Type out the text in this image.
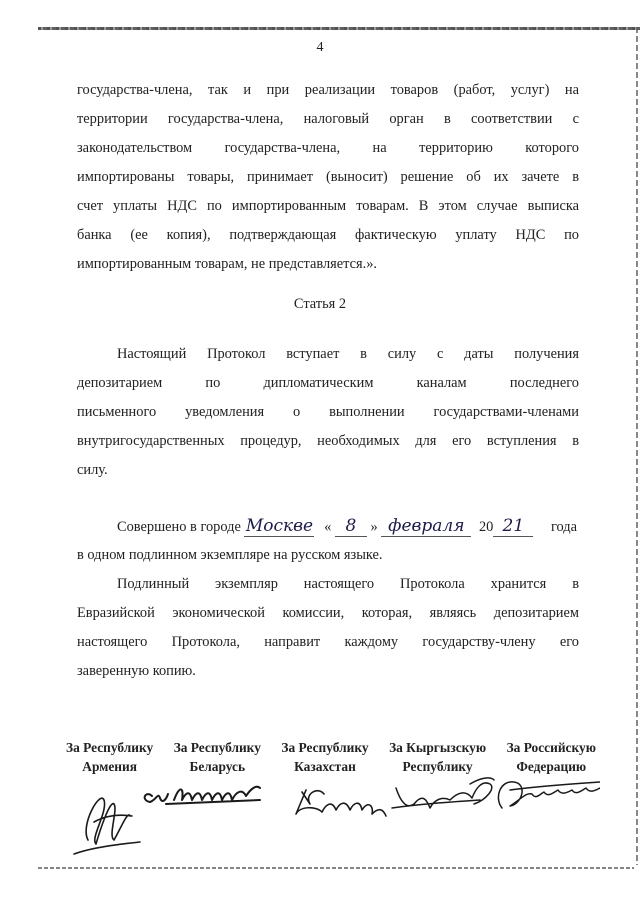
4
государства-члена, так и при реализации товаров (работ, услуг) на
территории государства-члена, налоговый орган в соответствии с
законодательством государства-члена, на территорию которого
импортированы товары, принимает (выносит) решение об их зачете в
счет уплаты НДС по импортированным товарам. В этом случае выписка
банка (ее копия), подтверждающая фактическую уплату НДС по
импортированным товарам, не представляется.».
Статья 2
Настоящий Протокол вступает в силу с даты получения
депозитарием по дипломатическим каналам последнего
письменного уведомления о выполнении государствами-членами
внутригосударственных процедур, необходимых для его вступления в
силу.
Совершено в городе Москве « 8 » февраля 20 21 года
в одном подлинном экземпляре на русском языке.
Подлинный экземпляр настоящего Протокола хранится в
Евразийской экономической комиссии, которая, являясь депозитарием
настоящего Протокола, направит каждому государству-члену его
заверенную копию.
За Республику
Армения
За Республику
Беларусь
За Республику
Казахстан
За Кыргызскую
Республику
За Российскую
Федерацию
